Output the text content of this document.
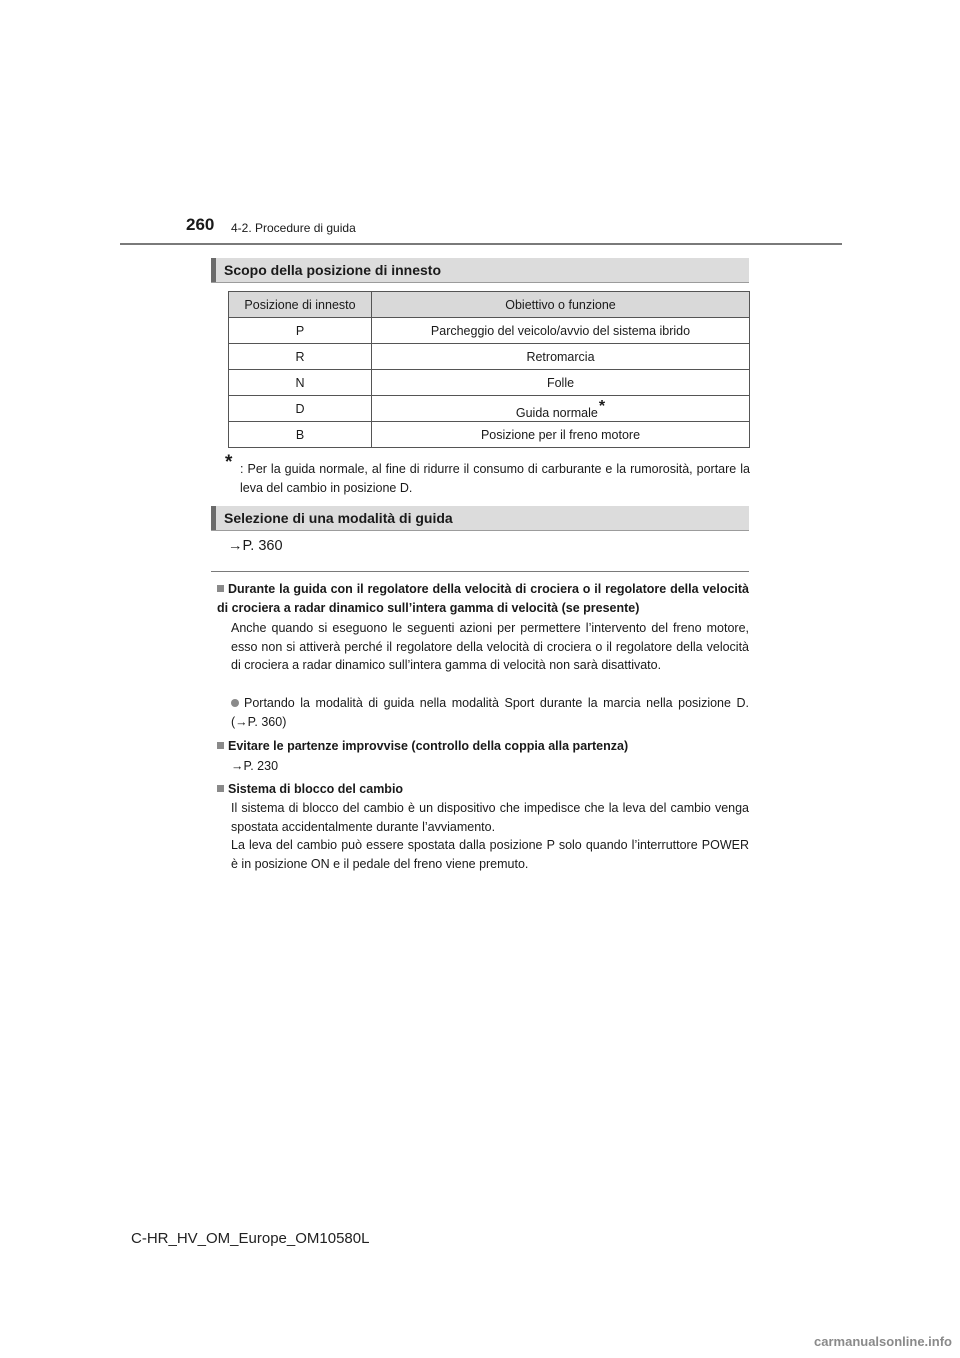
260 4-2. Procedure di guida
Scopo della posizione di innesto
Posizione di innesto	Obiettivo o funzione
P	Parcheggio del veicolo/avvio del sistema ibrido
R	Retromarcia
N	Folle
D	Guida normale*
B	Posizione per il freno motore
* : Per la guida normale, al fine di ridurre il consumo di carburante e la rumorosità, portare la leva del cambio in posizione D.
Selezione di una modalità di guida
→P. 360
Durante la guida con il regolatore della velocità di crociera o il regolatore della velocità di crociera a radar dinamico sull’intera gamma di velocità (se presente)
Anche quando si eseguono le seguenti azioni per permettere l’intervento del freno motore, esso non si attiverà perché il regolatore della velocità di crociera o il regolatore della velocità di crociera a radar dinamico sull’intera gamma di velocità non sarà disattivato.
Portando la modalità di guida nella modalità Sport durante la marcia nella posizione D. (→P. 360)
Evitare le partenze improvvise (controllo della coppia alla partenza)
→P. 230
Sistema di blocco del cambio
Il sistema di blocco del cambio è un dispositivo che impedisce che la leva del cambio venga spostata accidentalmente durante l’avviamento.
La leva del cambio può essere spostata dalla posizione P solo quando l’interruttore POWER è in posizione ON e il pedale del freno viene premuto.
C-HR_HV_OM_Europe_OM10580L
carmanualsonline.info
